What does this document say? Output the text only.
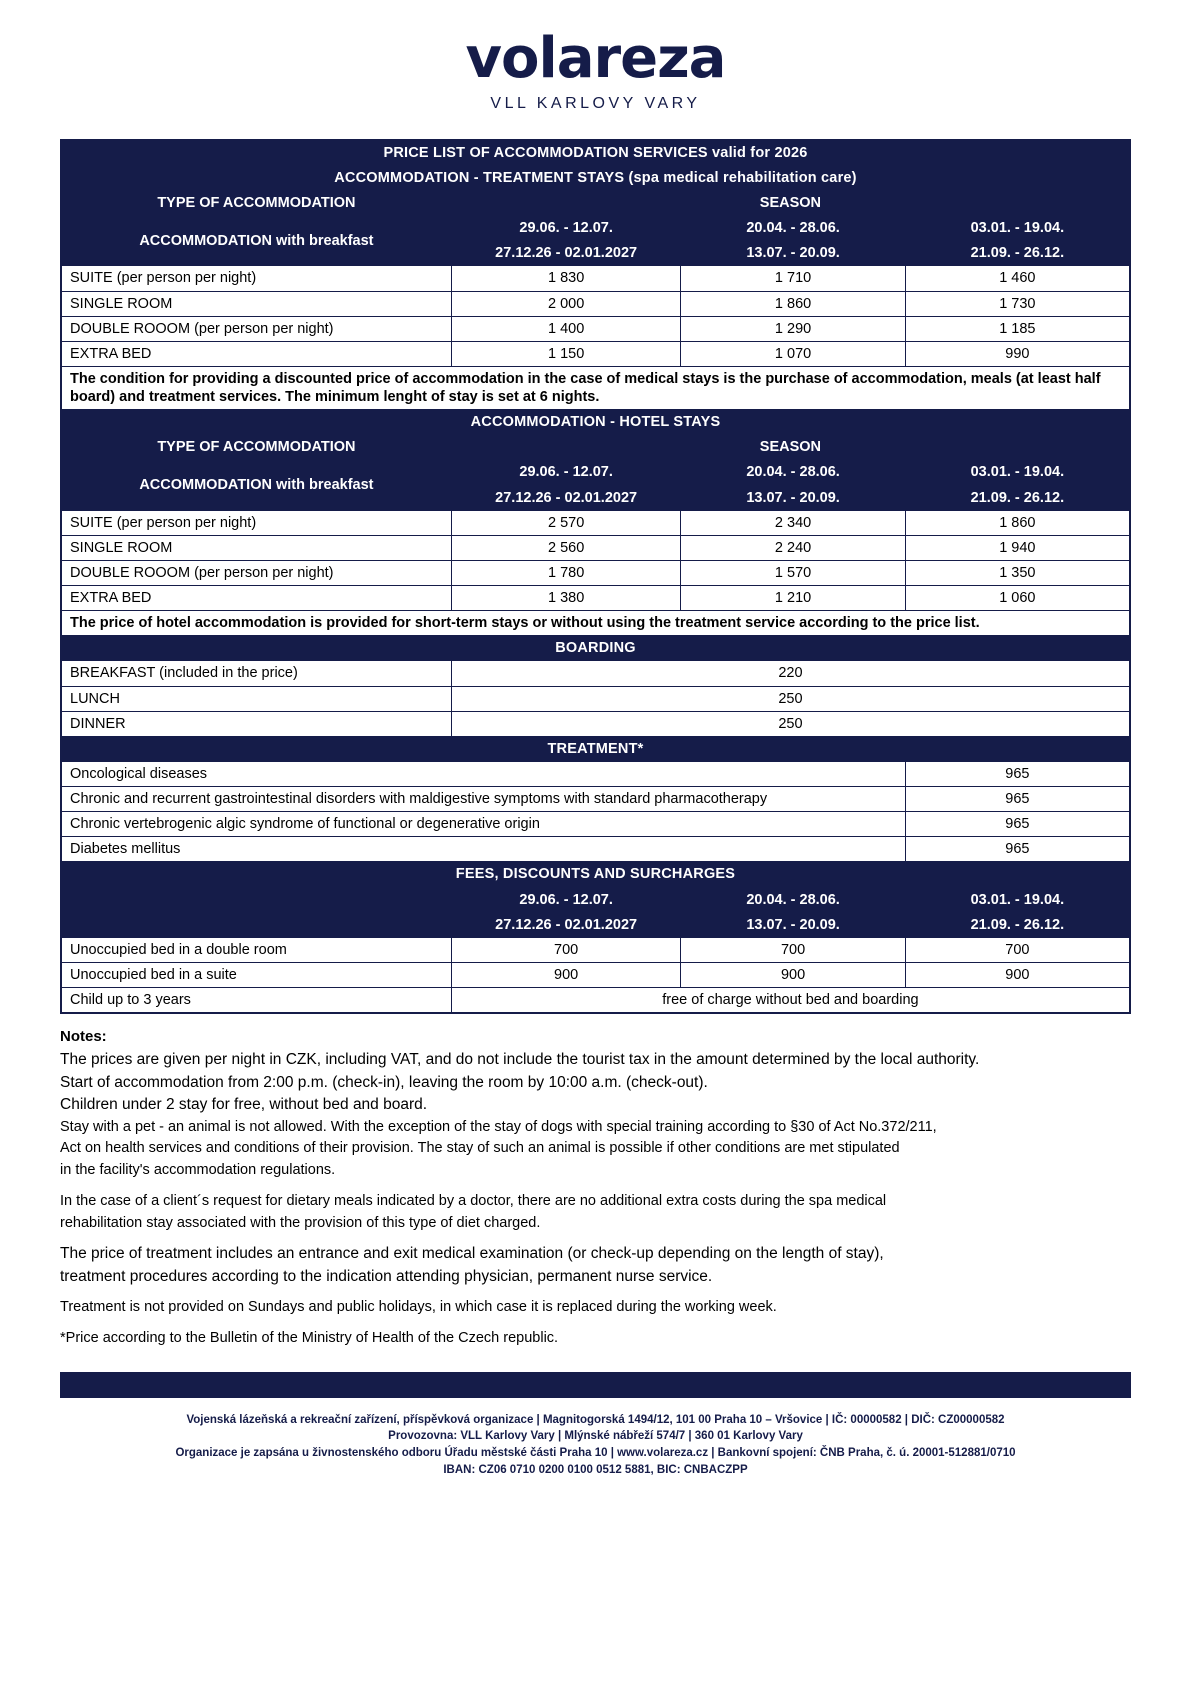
volareza
VLL KARLOVY VARY
PRICE LIST OF ACCOMMODATION SERVICES valid for 2026			
ACCOMMODATION - TREATMENT STAYS (spa medical rehabilitation care)			
TYPE OF ACCOMMODATION	SEASON		
ACCOMMODATION with breakfast	29.06. - 12.07.	20.04. - 28.06.	03.01. - 19.04.
	27.12.26 - 02.01.2027	13.07. - 20.09.	21.09. - 26.12.
SUITE (per person per night)	1 830	1 710	1 460
SINGLE ROOM	2 000	1 860	1 730
DOUBLE ROOOM (per person per night)	1 400	1 290	1 185
EXTRA BED	1 150	1 070	990
The condition for providing a discounted price of accommodation in the case of medical stays is the purchase of accommodation, meals (at least half board) and treatment services. The minimum lenght of stay is set at 6 nights.			
ACCOMMODATION - HOTEL STAYS			
TYPE OF ACCOMMODATION	SEASON		
ACCOMMODATION with breakfast	29.06. - 12.07.	20.04. - 28.06.	03.01. - 19.04.
	27.12.26 - 02.01.2027	13.07. - 20.09.	21.09. - 26.12.
SUITE (per person per night)	2 570	2 340	1 860
SINGLE ROOM	2 560	2 240	1 940
DOUBLE ROOOM (per person per night)	1 780	1 570	1 350
EXTRA BED	1 380	1 210	1 060
The price of hotel accommodation is provided for short-term stays or without using the treatment service according to the price list.			
BOARDING			
BREAKFAST (included in the price)	220		
LUNCH	250		
DINNER	250		
TREATMENT*			
Oncological diseases			965
Chronic and recurrent gastrointestinal disorders with maldigestive symptoms with standard pharmacotherapy			965
Chronic vertebrogenic algic syndrome of functional or degenerative origin			965
Diabetes mellitus			965
FEES, DISCOUNTS AND SURCHARGES			
	29.06. - 12.07.	20.04. - 28.06.	03.01. - 19.04.
	27.12.26 - 02.01.2027	13.07. - 20.09.	21.09. - 26.12.
Unoccupied bed in a double room	700	700	700
Unoccupied bed in a suite	900	900	900
Child up to 3 years	free of charge without bed and boarding		
Notes:

The prices are given per night in CZK, including VAT, and do not include the tourist tax in the amount determined by the local authority.

Start of accommodation from 2:00 p.m. (check-in), leaving the room by 10:00 a.m. (check-out).

Children under 2 stay for free, without bed and board.

Stay with a pet - an animal is not allowed. With the exception of the stay of dogs with special training according to §30 of Act No.372/211,

Act on health services and conditions of their provision. The stay of such an animal is possible if other conditions are met stipulated

in the facility's accommodation regulations.

In the case of a client´s request for dietary meals indicated by a doctor, there are no additional extra costs during the spa medical

rehabilitation stay associated with the provision of this type of diet charged.

The price of treatment includes an entrance and exit medical examination (or check-up depending on the length of stay),

treatment procedures according to the indication attending physician, permanent nurse service.

Treatment is not provided on Sundays and public holidays, in which case it is replaced during the working week.

*Price according to the Bulletin of the Ministry of Health of the Czech republic.

Vojenská lázeňská a rekreační zařízení, příspěvková organizace | Magnitogorská 1494/12, 101 00 Praha 10 – Vršovice | IČ: 00000582 | DIČ: CZ00000582
Provozovna: VLL Karlovy Vary | Mlýnské nábřeží 574/7 | 360 01 Karlovy Vary
Organizace je zapsána u živnostenského odboru Úřadu městské části Praha 10 | www.volareza.cz | Bankovní spojení: ČNB Praha, č. ú. 20001-512881/0710
IBAN: CZ06 0710 0200 0100 0512 5881, BIC: CNBACZPP
